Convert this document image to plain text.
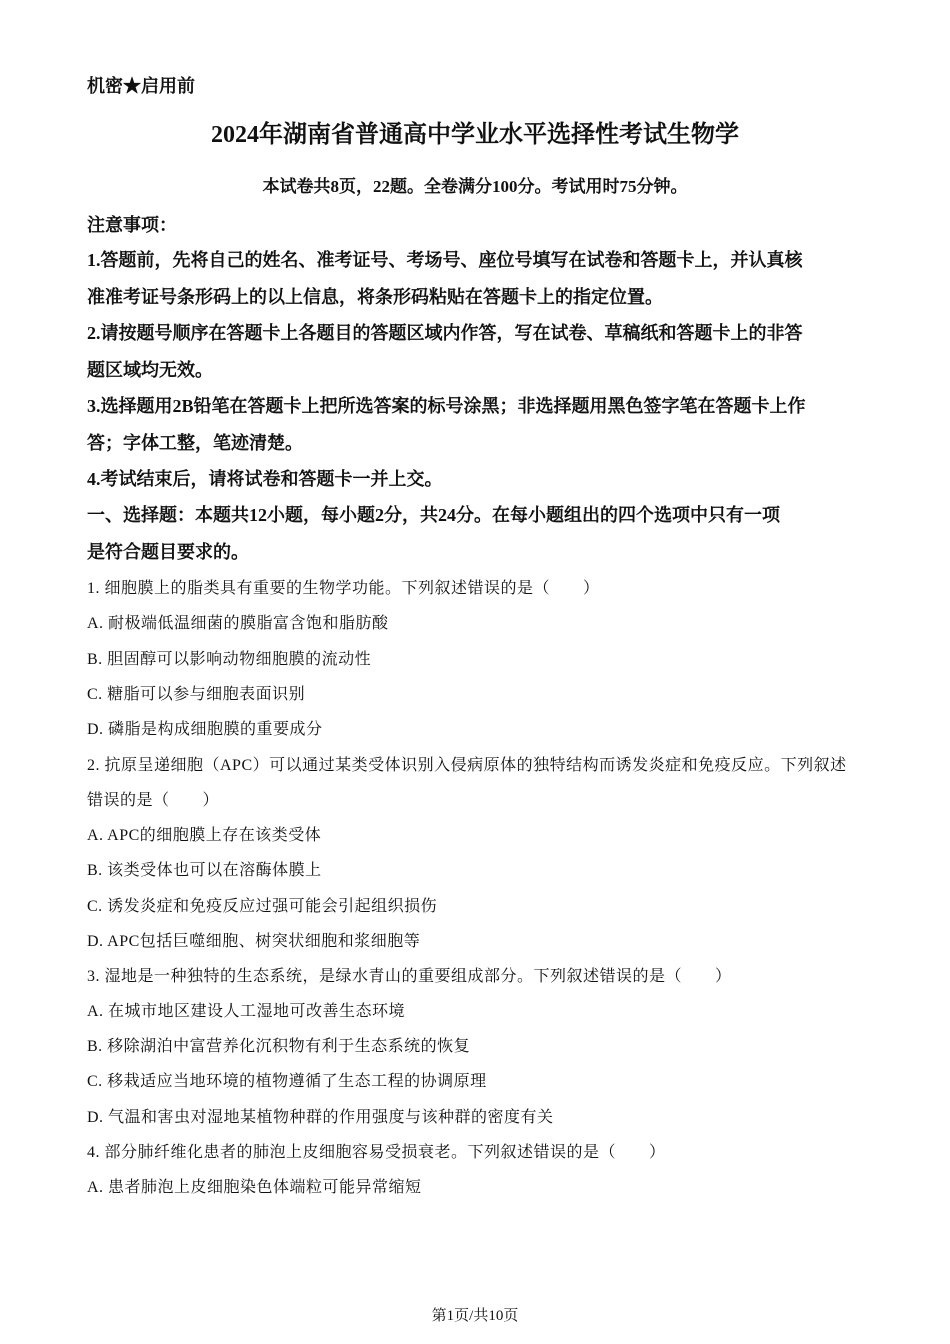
机密★启用前
2024年湖南省普通高中学业水平选择性考试生物学
本试卷共8页，22题。全卷满分100分。考试用时75分钟。
注意事项：
1.答题前，先将自己的姓名、准考证号、考场号、座位号填写在试卷和答题卡上，并认真核
准准考证号条形码上的以上信息，将条形码粘贴在答题卡上的指定位置。
2.请按题号顺序在答题卡上各题目的答题区域内作答，写在试卷、草稿纸和答题卡上的非答
题区域均无效。
3.选择题用2B铅笔在答题卡上把所选答案的标号涂黑；非选择题用黑色签字笔在答题卡上作
答；字体工整，笔迹清楚。
4.考试结束后，请将试卷和答题卡一并上交。
一、选择题：本题共12小题，每小题2分，共24分。在每小题组出的四个选项中只有一项
是符合题目要求的。
1. 细胞膜上的脂类具有重要的生物学功能。下列叙述错误的是（　　）
A. 耐极端低温细菌的膜脂富含饱和脂肪酸
B. 胆固醇可以影响动物细胞膜的流动性
C. 糖脂可以参与细胞表面识别
D. 磷脂是构成细胞膜的重要成分
2. 抗原呈递细胞（APC）可以通过某类受体识别入侵病原体的独特结构而诱发炎症和免疫反应。下列叙述
错误的是（　　）
A. APC的细胞膜上存在该类受体
B. 该类受体也可以在溶酶体膜上
C. 诱发炎症和免疫反应过强可能会引起组织损伤
D. APC包括巨噬细胞、树突状细胞和浆细胞等
3. 湿地是一种独特的生态系统，是绿水青山的重要组成部分。下列叙述错误的是（　　）
A. 在城市地区建设人工湿地可改善生态环境
B. 移除湖泊中富营养化沉积物有利于生态系统的恢复
C. 移栽适应当地环境的植物遵循了生态工程的协调原理
D. 气温和害虫对湿地某植物种群的作用强度与该种群的密度有关
4. 部分肺纤维化患者的肺泡上皮细胞容易受损衰老。下列叙述错误的是（　　）
A. 患者肺泡上皮细胞染色体端粒可能异常缩短
第1页/共10页
